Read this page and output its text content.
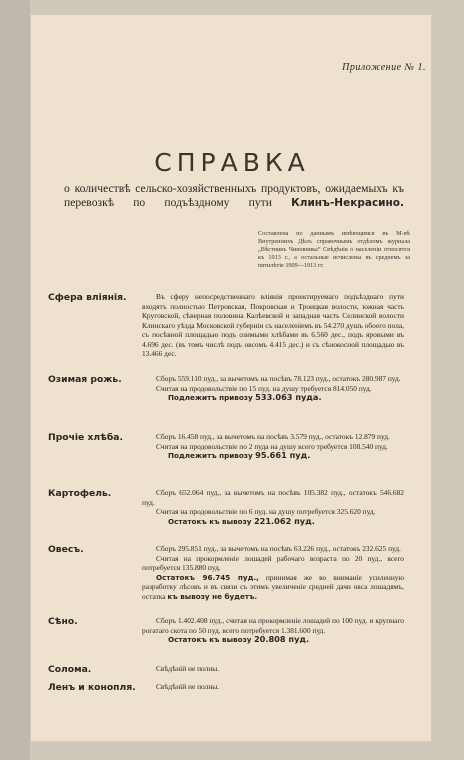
Приложение № 1.
СПРАВКА
о количествѣ сельско-хозяйственныхъ продуктовъ, ожидаемыхъ къ перевозкѣ по подъѣздному пути Клинъ-Некрасино.
Составлена по даннымъ имѣющимся въ М-вѣ Внутреннихъ Дѣлъ справочнымъ отдѣломъ журнала „Вѣстникъ Чиновника“ Свѣдѣнія о населеніи относятся къ 1913 г., а остальные исчислены въ среднемъ за пятилѣтіе 1909—1913 гг.
Сфера вліянія.	Въ сферу непосредственнаго вліянія проектируемаго подъѣзднаго пути входятъ полностью Петровская, Покровская и Троицкая волости, южная часть Круговской, сѣверная половина Калѣевской и западная часть Селинской волости Клинскаго уѣзда Московской губерніи съ населеніемъ въ 54.270 душъ обоего пола, съ посѣвной площадью подъ озимыми хлѣбами въ 6.560 дес., подъ яровыми въ 4.696 дес. (въ томъ числѣ подъ овсомъ 4.415 дес.) и съ сѣнокосной площадью въ 13.466 дес.

Озимая рожь.	Сборъ 559.110 пуд., за вычетомъ на посѣвъ 78.123 пуд., остатокъ 280.987 пуд.

Считая на продовольствіе по 15 пуд. на душу требуется 814.050 пуд.

Подлежитъ привозу 533.063 пуда.
Прочіе хлѣба.	Сборъ 16.458 пуд., за вычетомъ на посѣвъ 3.579 пуд., остатокъ 12.879 пуд.

Считая на продовольствіе по 2 пуда на душу всего требуется 108.540 пуд.

Подлежитъ привозу 95.661 пуд.
Картофель.	Сборъ 652.064 пуд., за вычетомъ на посѣвъ 105.382 пуд., остатокъ 546.682 пуд.

Считая на продовольствіе по 6 пуд. на душу потребуется 325.620 пуд.

Остатокъ къ вывозу 221.062 пуд.
Овесъ.	Сборъ 295.851 пуд., за вычетомъ на посѣвъ 63.226 пуд., остатокъ 232.625 пуд.

Считая на прокормленіе лошадей рабочаго возраста по 20 пуд., всего потребуется 135.880 пуд.

Остатокъ 96.745 пуд., принимая же во вниманіе усиленную разработку лѣсовъ и въ связи съ этимъ увеличеніе средней дачи овса лошадямъ, остатка къ вывозу не будетъ.

Сѣно.	Сборъ 1.402.408 пуд., считая на прокормленіе лошадей по 100 пуд. и крупнаго рогатаго скота по 50 пуд. всего потребуется 1.381.600 пуд.

Остатокъ къ вывозу 20.808 пуд.
Солома.	Свѣдѣній не полны.

Ленъ и конопля.	Свѣдѣній не полны.
